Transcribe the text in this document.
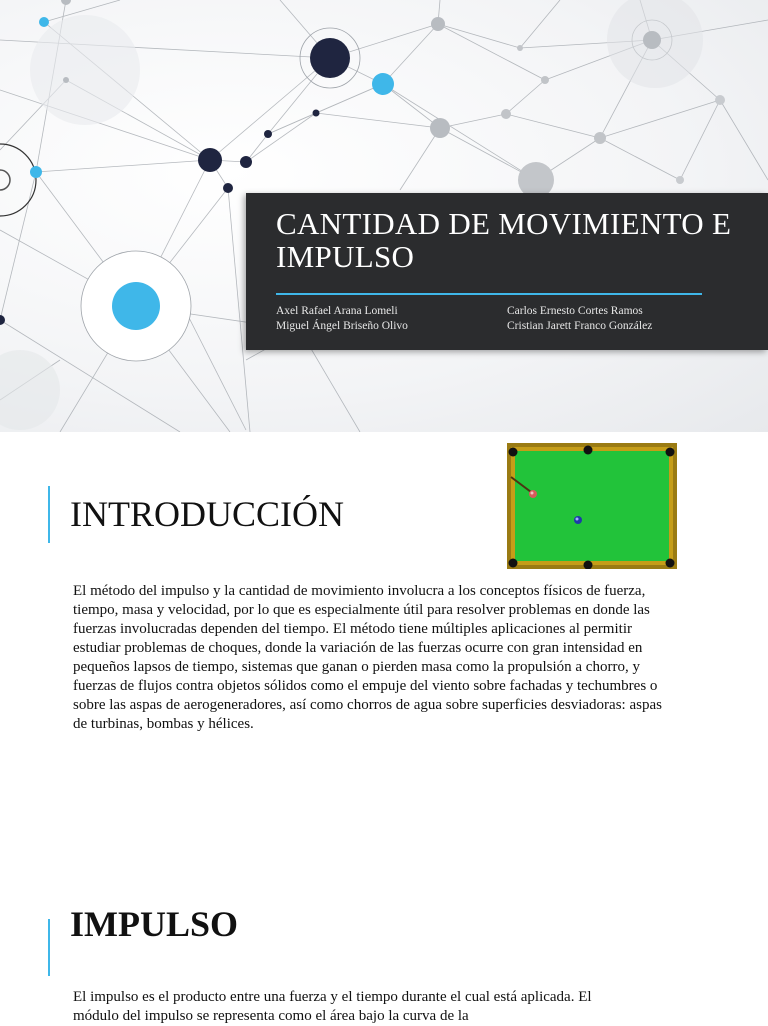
CANTIDAD DE MOVIMIENTO E IMPULSO
Axel Rafael Arana Lomeli
Miguel Ángel Briseño Olivo
Carlos Ernesto Cortes Ramos
Cristian Jarett Franco González
INTRODUCCIÓN

El método del impulso y la cantidad de movimiento involucra a los conceptos físicos de fuerza, tiempo, masa y velocidad, por lo que es especialmente útil para resolver problemas en donde las fuerzas involucradas dependen del tiempo. El método tiene múltiples aplicaciones al permitir estudiar problemas de choques, donde la variación de las fuerzas ocurre con gran intensidad en pequeños lapsos de tiempo, sistemas que ganan o pierden masa como la propulsión a chorro, y fuerzas de flujos contra objetos sólidos como el empuje del viento sobre fachadas y techumbres o sobre las aspas de aerogeneradores, así como chorros de agua sobre superficies desviadoras: aspas de turbinas, bombas y hélices.

IMPULSO

El impulso es el producto entre una fuerza y el tiempo durante el cual está aplicada. El módulo del impulso se representa como el área bajo la curva de la
